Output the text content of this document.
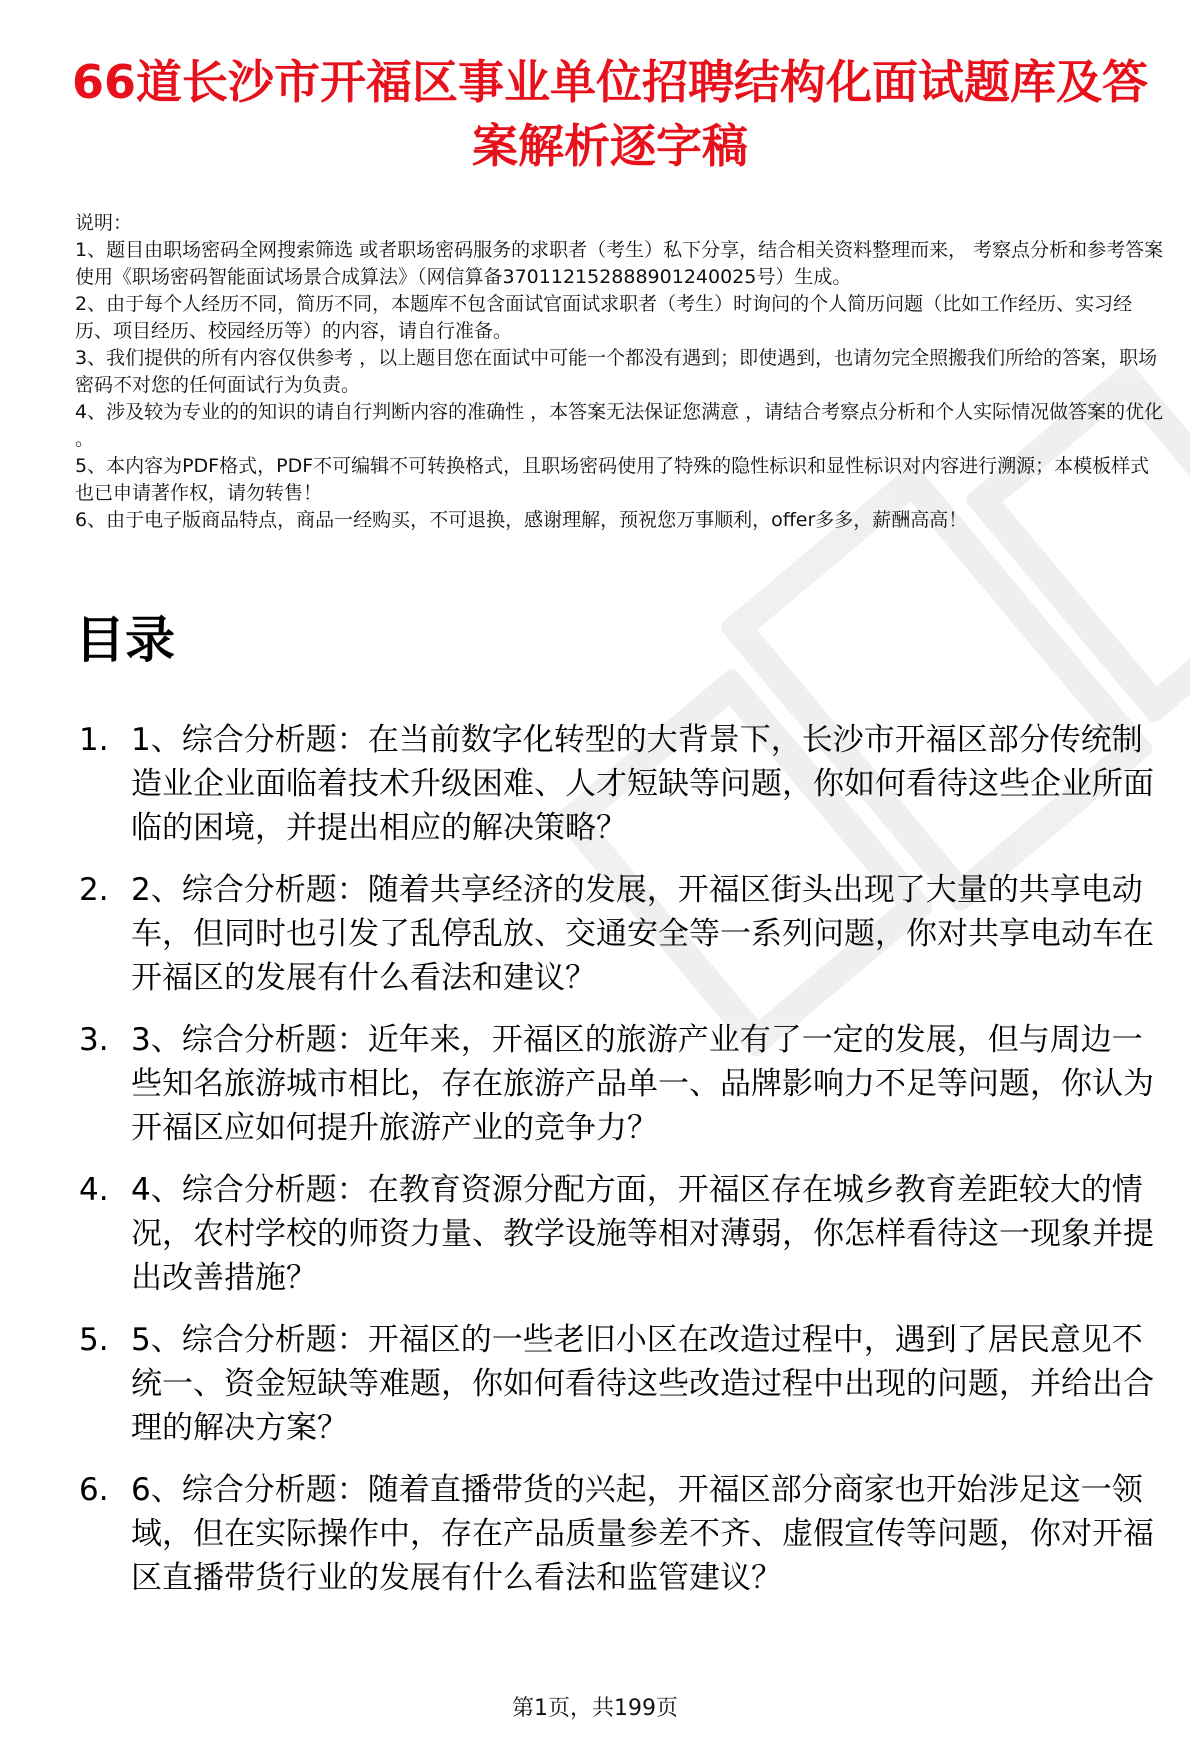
66道长沙市开福区事业单位招聘结构化面试题库及答案解析逐字稿

说明：

1、题目由职场密码全网搜索筛选 或者职场密码服务的求职者（考生）私下分享，结合相关资料整理而来， 考察点分析和参考答案使用《职场密码智能面试场景合成算法》（网信算备370112152888901240025号）生成。

2、由于每个人经历不同，简历不同，本题库不包含面试官面试求职者（考生）时询问的个人简历问题（比如工作经历、实习经历、项目经历、校园经历等）的内容，请自行准备。

3、我们提供的所有内容仅供参考 ，以上题目您在面试中可能一个都没有遇到；即使遇到，也请勿完全照搬我们所给的答案，职场密码不对您的任何面试行为负责。

4、涉及较为专业的的知识的请自行判断内容的准确性 ，本答案无法保证您满意 ，请结合考察点分析和个人实际情况做答案的优化 。

5、本内容为PDF格式，PDF不可编辑不可转换格式，且职场密码使用了特殊的隐性标识和显性标识对内容进行溯源；本模板样式也已申请著作权，请勿转售！

6、由于电子版商品特点，商品一经购买，不可退换，感谢理解，预祝您万事顺利，offer多多，薪酬高高！

目录
1. 1、综合分析题：在当前数字化转型的大背景下，长沙市开福区部分传统制造业企业面临着技术升级困难、人才短缺等问题，你如何看待这些企业所面临的困境，并提出相应的解决策略？
2. 2、综合分析题：随着共享经济的发展，开福区街头出现了大量的共享电动车，但同时也引发了乱停乱放、交通安全等一系列问题，你对共享电动车在开福区的发展有什么看法和建议？
3. 3、综合分析题：近年来，开福区的旅游产业有了一定的发展，但与周边一些知名旅游城市相比，存在旅游产品单一、品牌影响力不足等问题，你认为开福区应如何提升旅游产业的竞争力？
4. 4、综合分析题：在教育资源分配方面，开福区存在城乡教育差距较大的情况，农村学校的师资力量、教学设施等相对薄弱，你怎样看待这一现象并提出改善措施？
5. 5、综合分析题：开福区的一些老旧小区在改造过程中，遇到了居民意见不统一、资金短缺等难题，你如何看待这些改造过程中出现的问题，并给出合理的解决方案？
6. 6、综合分析题：随着直播带货的兴起，开福区部分商家也开始涉足这一领域，但在实际操作中，存在产品质量参差不齐、虚假宣传等问题，你对开福区直播带货行业的发展有什么看法和监管建议？
第1页，共199页
